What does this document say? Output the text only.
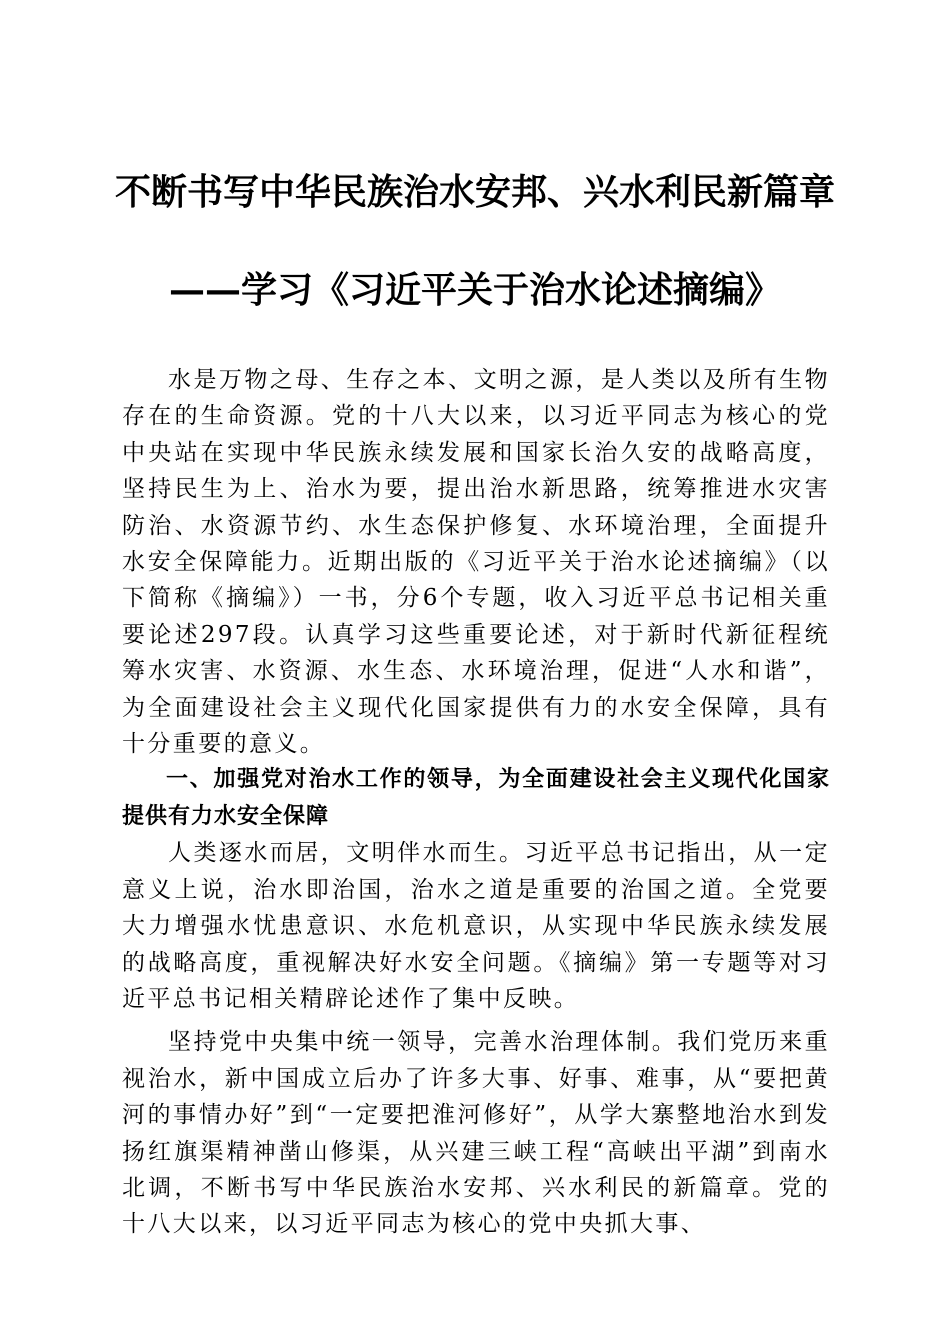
不断书写中华民族治水安邦、兴水利民新篇章
——学习《习近平关于治水论述摘编》

水是万物之母、生存之本、文明之源，是人类以及所有生物存在的生命资源。党的十八大以来，以习近平同志为核心的党中央站在实现中华民族永续发展和国家长治久安的战略高度，坚持民生为上、治水为要，提出治水新思路，统筹推进水灾害防治、水资源节约、水生态保护修复、水环境治理，全面提升水安全保障能力。近期出版的《习近平关于治水论述摘编》（以下简称《摘编》）一书，分6个专题，收入习近平总书记相关重要论述297段。认真学习这些重要论述，对于新时代新征程统筹水灾害、水资源、水生态、水环境治理，促进“人水和谐”，为全面建设社会主义现代化国家提供有力的水安全保障，具有十分重要的意义。

一、加强党对治水工作的领导，为全面建设社会主义现代化国家提供有力水安全保障

人类逐水而居，文明伴水而生。习近平总书记指出，从一定意义上说，治水即治国，治水之道是重要的治国之道。全党要大力增强水忧患意识、水危机意识，从实现中华民族永续发展的战略高度，重视解决好水安全问题。《摘编》第一专题等对习近平总书记相关精辟论述作了集中反映。

坚持党中央集中统一领导，完善水治理体制。我们党历来重视治水，新中国成立后办了许多大事、好事、难事，从“要把黄河的事情办好”到“一定要把淮河修好”，从学大寨整地治水到发扬红旗渠精神凿山修渠，从兴建三峡工程“高峡出平湖”到南水北调，不断书写中华民族治水安邦、兴水利民的新篇章。党的十八大以来，以习近平同志为核心的党中央抓大事、
